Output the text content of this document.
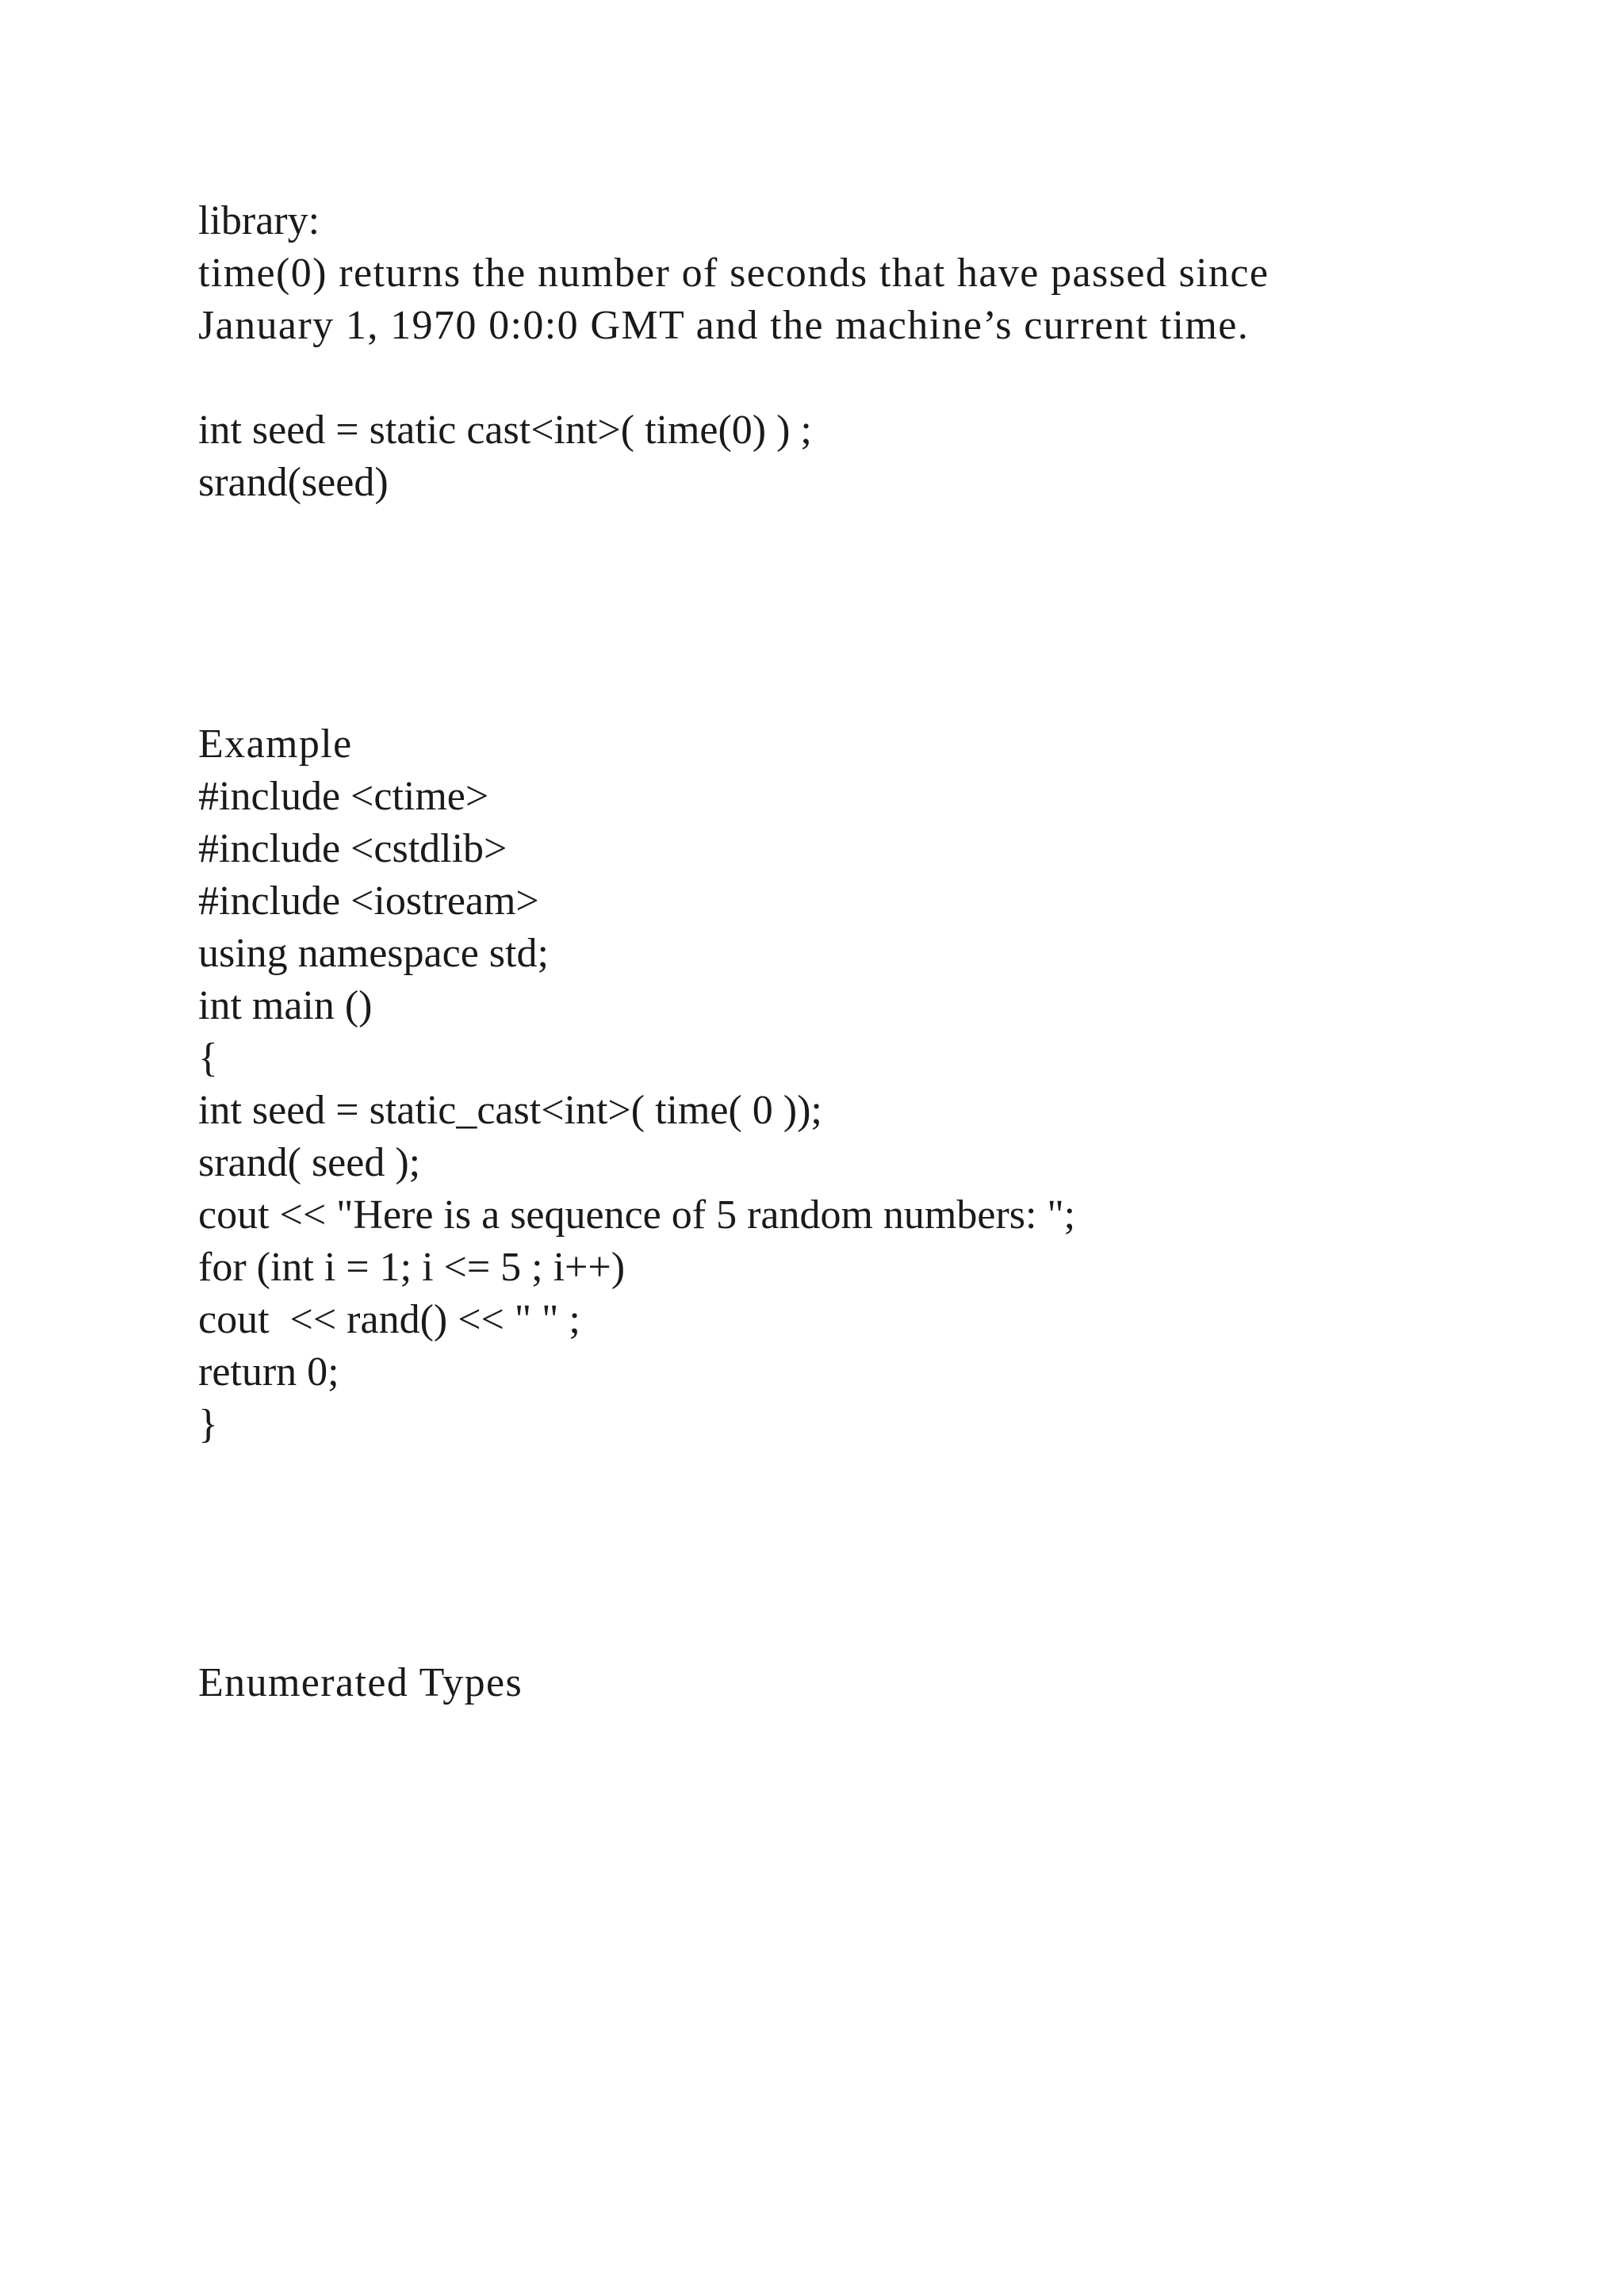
library:
time(0) returns the number of seconds that have passed since
January 1, 1970 0:0:0 GMT and the machine’s current time.
int seed = static cast<int>( time(0) ) ;
srand(seed)
Example
#include <ctime>
#include <cstdlib>
#include <iostream>
using namespace std;
int main ()
{
int seed = static_cast<int>( time( 0 ));
srand( seed );
cout << "Here is a sequence of 5 random numbers: ";
for (int i = 1; i <= 5 ; i++)
cout  << rand() << " " ;
return 0;
}
Enumerated Types
